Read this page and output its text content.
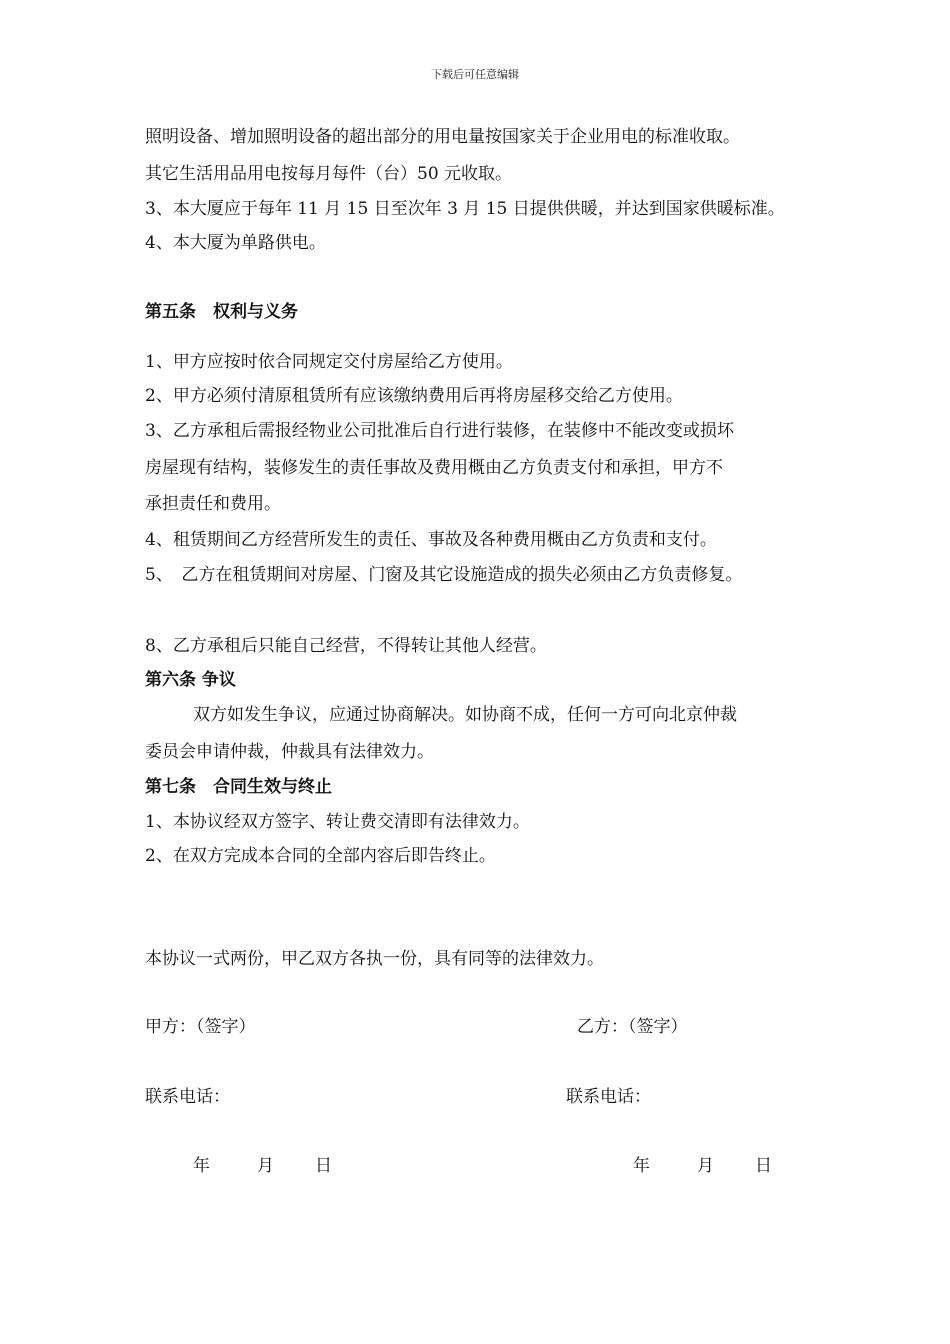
下载后可任意编辑
照明设备、增加照明设备的超出部分的用电量按国家关于企业用电的标准收取。
其它生活用品用电按每月每件（台）50 元收取。
3、本大厦应于每年 11 月 15 日至次年 3 月 15 日提供供暖，并达到国家供暖标准。
4、本大厦为单路供电。
第五条　权利与义务
1、甲方应按时依合同规定交付房屋给乙方使用。
2、甲方必须付清原租赁所有应该缴纳费用后再将房屋移交给乙方使用。
3、乙方承租后需报经物业公司批准后自行进行装修，在装修中不能改变或损坏
房屋现有结构，装修发生的责任事故及费用概由乙方负责支付和承担，甲方不
承担责任和费用。
4、租赁期间乙方经营所发生的责任、事故及各种费用概由乙方负责和支付。
5、　乙方在租赁期间对房屋、门窗及其它设施造成的损失必须由乙方负责修复。
8、乙方承租后只能自己经营，不得转让其他人经营。
第六条 争议
双方如发生争议，应通过协商解决。如协商不成，任何一方可向北京仲裁
委员会申请仲裁，仲裁具有法律效力。
第七条　合同生效与终止
1、本协议经双方签字、转让费交清即有法律效力。
2、在双方完成本合同的全部内容后即告终止。
本协议一式两份，甲乙双方各执一份，具有同等的法律效力。
甲方：（签字）	乙方：（签字）
联系电话：	联系电话：
年	月 日	年	月 日
